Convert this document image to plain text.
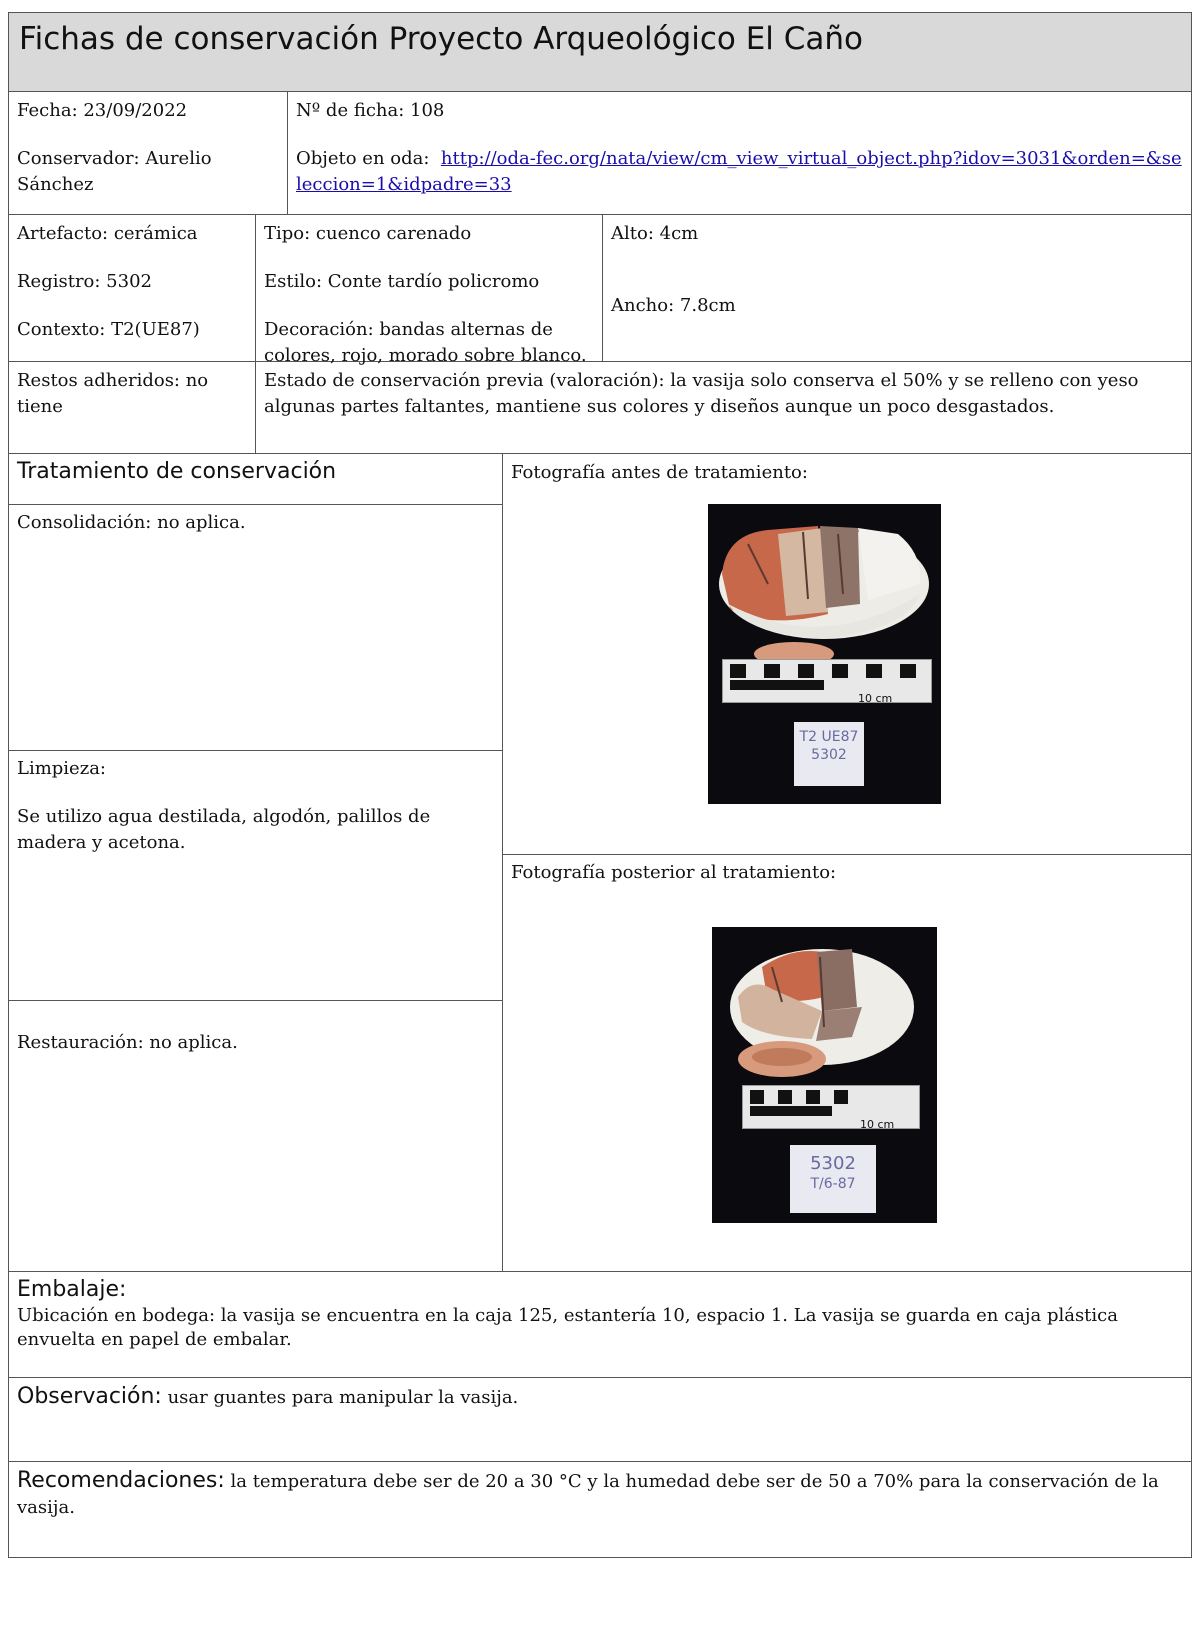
Fichas de conservación Proyecto Arqueológico El Caño

Fecha: 23/09/2022

Conservador: Aurelio Sánchez

Nº de ficha: 108

Objeto en oda: http://oda-fec.org/nata/view/cm_view_virtual_object.php?idov=3031&orden=&seleccion=1&idpadre=33

Artefacto: cerámica

Registro: 5302

Contexto: T2(UE87)

Tipo: cuenco carenado

Estilo: Conte tardío policromo

Decoración: bandas alternas de colores, rojo, morado sobre blanco.

Alto: 4cm

Ancho: 7.8cm

Restos adheridos: no tiene

Estado de conservación previa (valoración): la vasija solo conserva el 50% y se relleno con yeso algunas partes faltantes, mantiene sus colores y diseños aunque un poco desgastados.

Tratamiento de conservación
Consolidación: no aplica.

Limpieza:

Se utilizo agua destilada, algodón, palillos de madera y acetona.

Restauración: no aplica.
Fotografía antes de tratamiento:
10 cm
T2 UE87
5302
Fotografía posterior al tratamiento:
10 cm
5302
T/6-87
Embalaje:
Ubicación en bodega: la vasija se encuentra en la caja 125, estantería 10, espacio 1. La vasija se guarda en caja plástica envuelta en papel de embalar.
Observación: usar guantes para manipular la vasija.
Recomendaciones: la temperatura debe ser de 20 a 30 °C y la humedad debe ser de 50 a 70% para la conservación de la vasija.
